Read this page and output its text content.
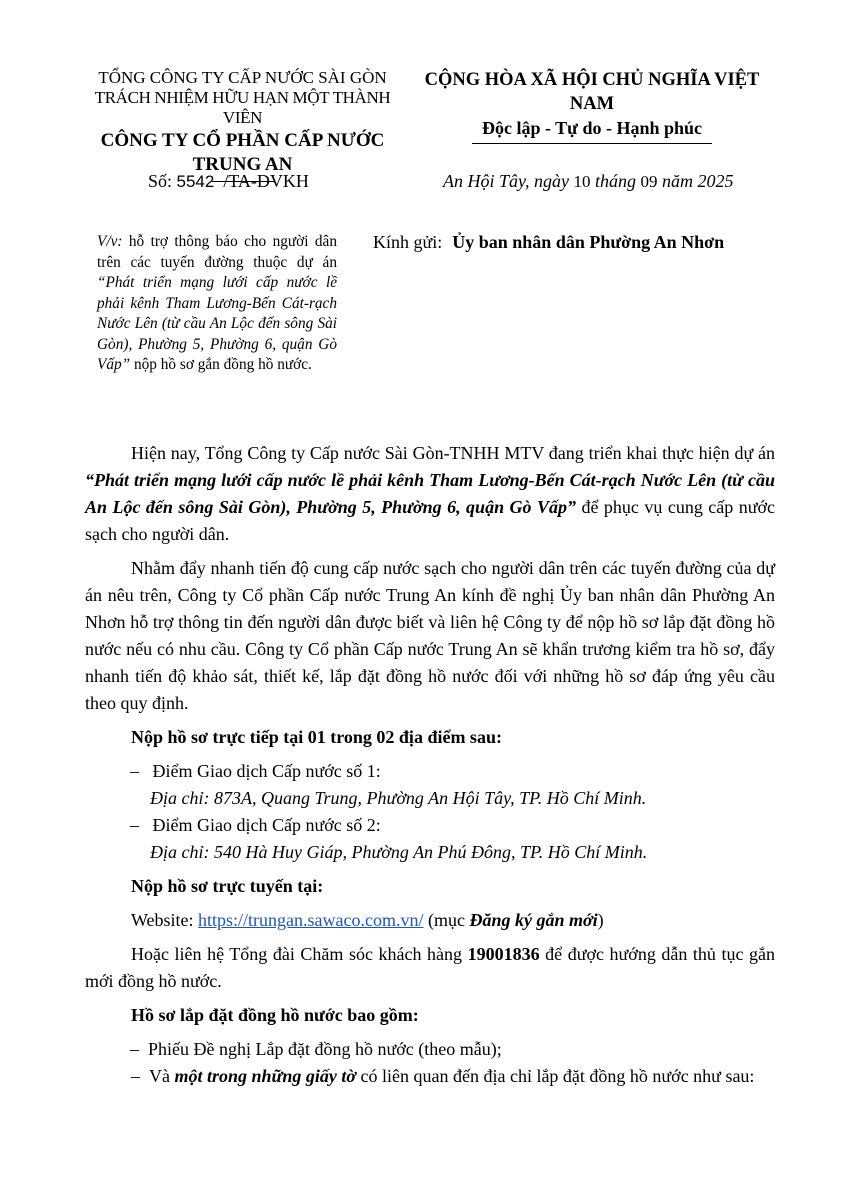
TỔNG CÔNG TY CẤP NƯỚC SÀI GÒN
TRÁCH NHIỆM HỮU HẠN MỘT THÀNH VIÊN
CÔNG TY CỔ PHẦN CẤP NƯỚC
TRUNG AN
CỘNG HÒA XÃ HỘI CHỦ NGHĨA VIỆT NAM
Độc lập - Tự do - Hạnh phúc
Số: 5542 /TA-DVKH	An Hội Tây, ngày 10 tháng 09 năm 2025
V/v: hỗ trợ thông báo cho người dân trên các tuyến đường thuộc dự án “Phát triển mạng lưới cấp nước lề phải kênh Tham Lương-Bến Cát-rạch Nước Lên (từ cầu An Lộc đến sông Sài Gòn), Phường 5, Phường 6, quận Gò Vấp” nộp hồ sơ gắn đồng hồ nước.
Kính gửi: Ủy ban nhân dân Phường An Nhơn

Hiện nay, Tổng Công ty Cấp nước Sài Gòn-TNHH MTV đang triển khai thực hiện dự án “Phát triển mạng lưới cấp nước lề phải kênh Tham Lương-Bến Cát-rạch Nước Lên (từ cầu An Lộc đến sông Sài Gòn), Phường 5, Phường 6, quận Gò Vấp” để phục vụ cung cấp nước sạch cho người dân.

Nhằm đẩy nhanh tiến độ cung cấp nước sạch cho người dân trên các tuyến đường của dự án nêu trên, Công ty Cổ phần Cấp nước Trung An kính đề nghị Ủy ban nhân dân Phường An Nhơn hỗ trợ thông tin đến người dân được biết và liên hệ Công ty để nộp hồ sơ lắp đặt đồng hồ nước nếu có nhu cầu. Công ty Cổ phần Cấp nước Trung An sẽ khẩn trương kiểm tra hồ sơ, đẩy nhanh tiến độ khảo sát, thiết kế, lắp đặt đồng hồ nước đối với những hồ sơ đáp ứng yêu cầu theo quy định.

Nộp hồ sơ trực tiếp tại 01 trong 02 địa điểm sau:

–   Điểm Giao dịch Cấp nước số 1:

Địa chỉ: 873A, Quang Trung, Phường An Hội Tây, TP. Hồ Chí Minh.

–   Điểm Giao dịch Cấp nước số 2:

Địa chỉ: 540 Hà Huy Giáp, Phường An Phú Đông, TP. Hồ Chí Minh.

Nộp hồ sơ trực tuyến tại:

Website: https://trungan.sawaco.com.vn/ (mục Đăng ký gắn mới)

Hoặc liên hệ Tổng đài Chăm sóc khách hàng 19001836 để được hướng dẫn thủ tục gắn mới đồng hồ nước.

Hồ sơ lắp đặt đồng hồ nước bao gồm:

–  Phiếu Đề nghị Lắp đặt đồng hồ nước (theo mẫu);

–  Và một trong những giấy tờ có liên quan đến địa chỉ lắp đặt đồng hồ nước như sau:
